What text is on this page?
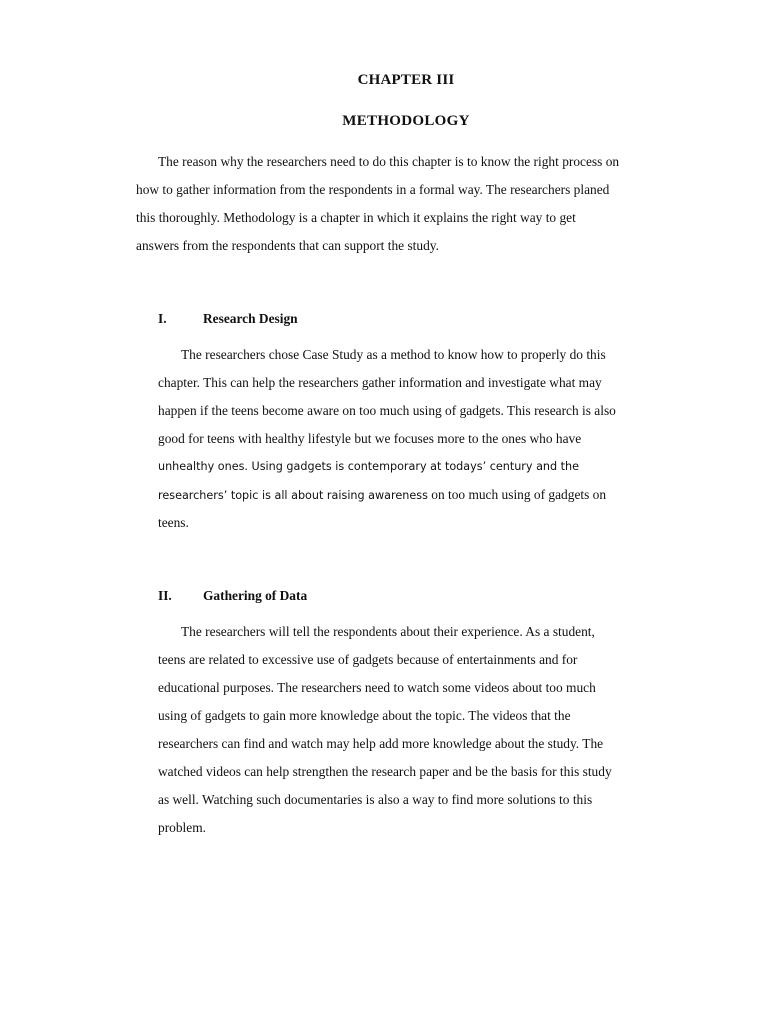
CHAPTER III
METHODOLOGY
The reason why the researchers need to do this chapter is to know the right process on
how to gather information from the respondents in a formal way. The researchers planed
this thoroughly. Methodology is a chapter in which it explains the right way to get
answers from the respondents that can support the study.
I.	Research Design
The researchers chose Case Study as a method to know how to properly do this
chapter. This can help the researchers gather information and investigate what may
happen if the teens become aware on too much using of gadgets. This research is also
good for teens with healthy lifestyle but we focuses more to the ones who have
unhealthy ones. Using gadgets is contemporary at todays’ century and the
researchers’ topic is all about raising awareness on too much using of gadgets on
teens.
II. Gathering of Data
The researchers will tell the respondents about their experience. As a student,
teens are related to excessive use of gadgets because of entertainments and for
educational purposes. The researchers need to watch some videos about too much
using of gadgets to gain more knowledge about the topic. The videos that the
researchers can find and watch may help add more knowledge about the study. The
watched videos can help strengthen the research paper and be the basis for this study
as well. Watching such documentaries is also a way to find more solutions to this
problem.
